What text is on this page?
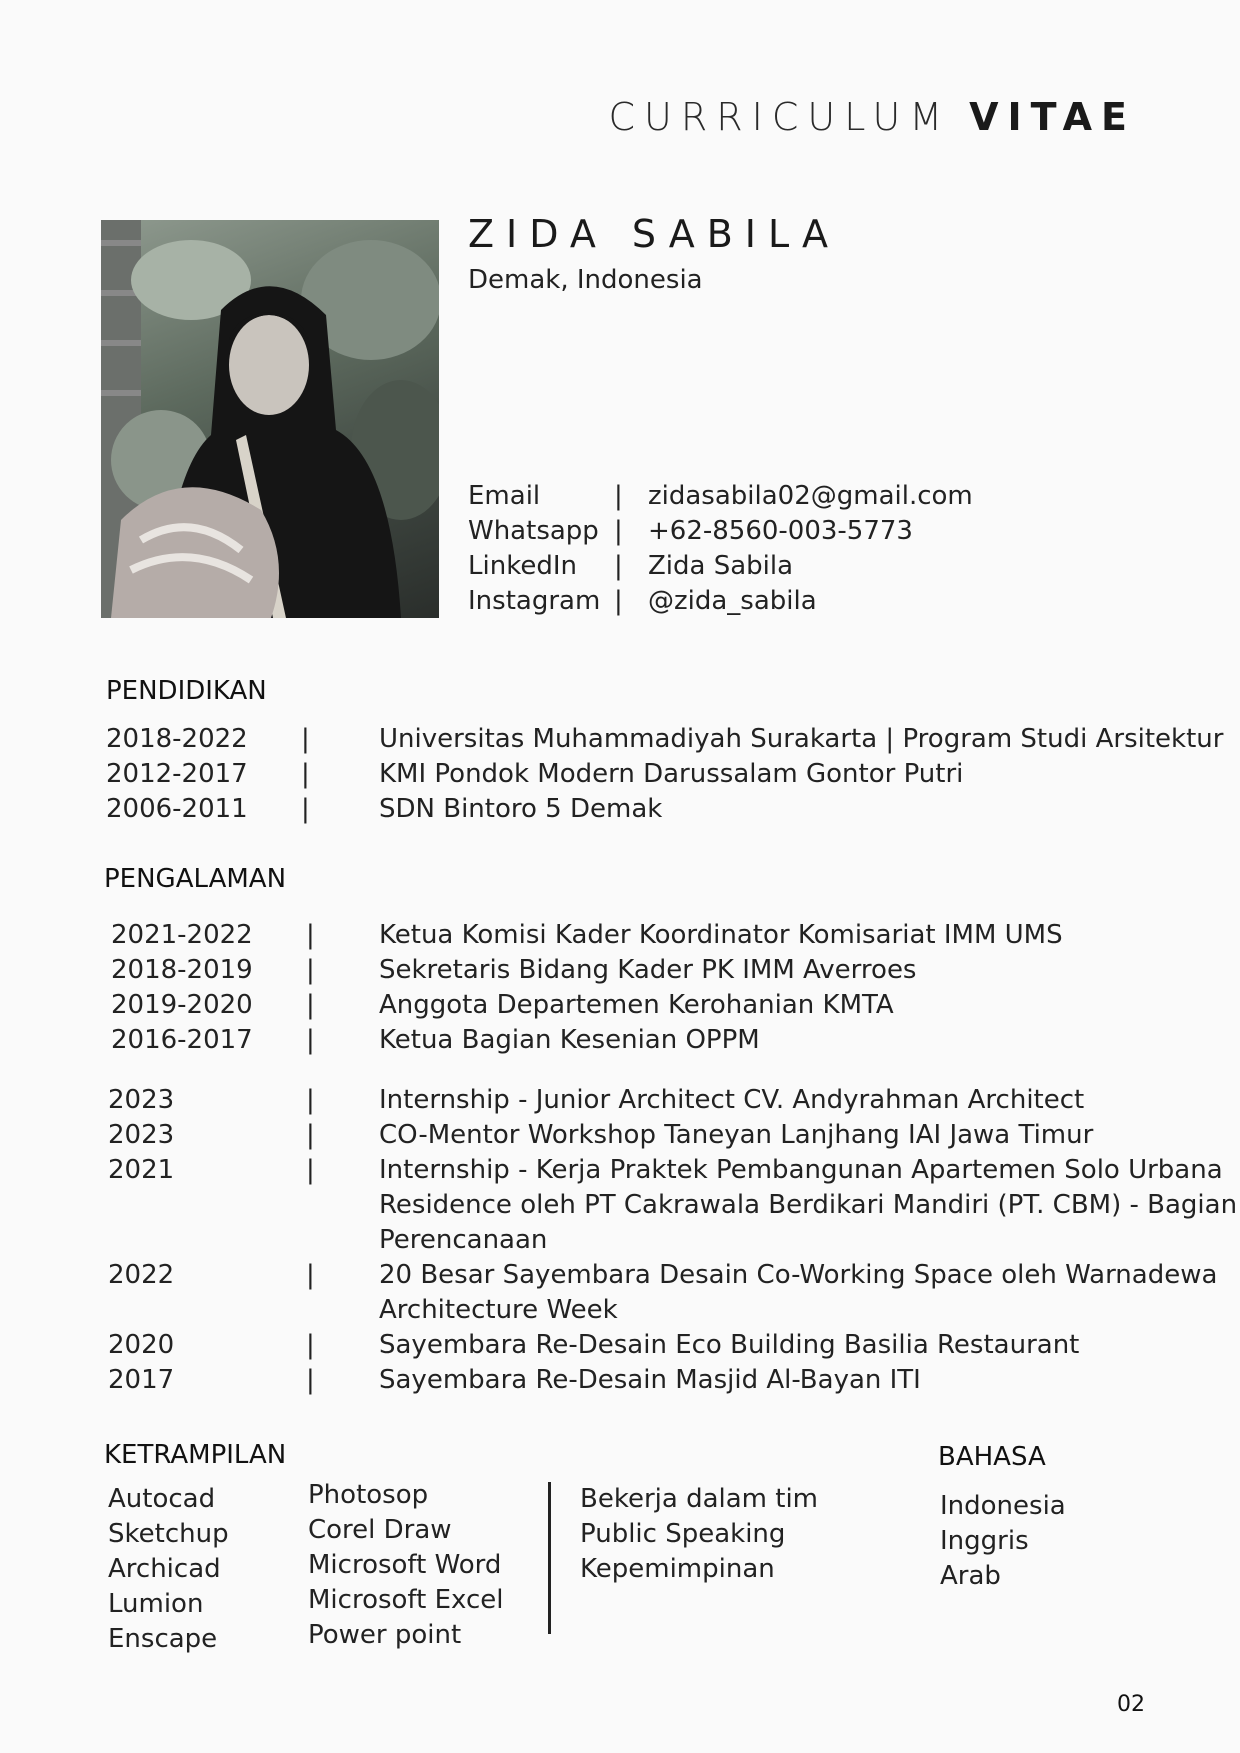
CURRICULUM VITAE
ZIDA SABILA
Demak, Indonesia
Email	| zidasabila02@gmail.com
Whatsapp | +62-8560-003-5773
LinkedIn | Zida Sabila
Instagram | @zida_sabila
PENDIDIKAN
2018-2022 |	Universitas Muhammadiyah Surakarta | Program Studi Arsitektur
2012-2017 |	KMI Pondok Modern Darussalam Gontor Putri
2006-2011 |	SDN Bintoro 5 Demak
PENGALAMAN
2021-2022 | Ketua Komisi Kader Koordinator Komisariat IMM UMS
2018-2019 | Sekretaris Bidang Kader PK IMM Averroes
2019-2020 | Anggota Departemen Kerohanian KMTA
2016-2017 | Ketua Bagian Kesenian OPPM
2023	| Internship - Junior Architect CV. Andyrahman Architect
2023	| CO-Mentor Workshop Taneyan Lanjhang IAI Jawa Timur
2021	| Internship - Kerja Praktek Pembangunan Apartemen Solo Urbana Residence oleh PT Cakrawala Berdikari Mandiri (PT. CBM) - Bagian Perencanaan
2022	| 20 Besar Sayembara Desain Co-Working Space oleh Warnadewa Architecture Week
2020	| Sayembara Re-Desain Eco Building Basilia Restaurant
2017	| Sayembara Re-Desain Masjid Al-Bayan ITI
KETRAMPILAN
Autocad
Sketchup
Archicad
Lumion
Enscape
Photosop
Corel Draw
Microsoft Word
Microsoft Excel
Power point
Bekerja dalam tim
Public Speaking
Kepemimpinan
BAHASA
Indonesia
Inggris
Arab
02
